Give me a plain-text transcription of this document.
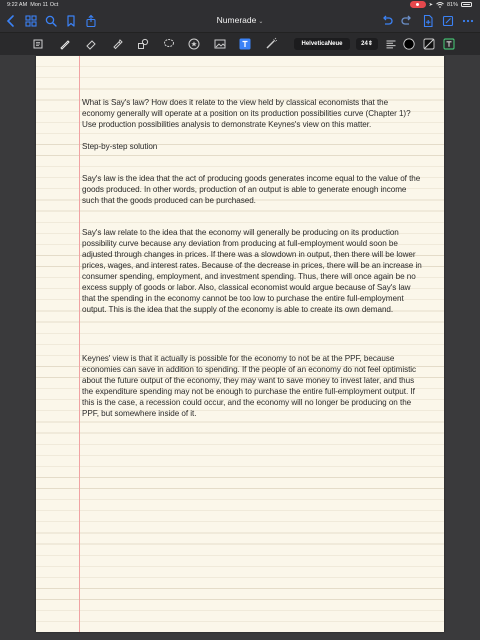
9:22 AM Mon 11 Oct	➤	81%
Numerade ⌄
HelveticaNeue	24⇕
What is Say's law? How does it relate to the view held by classical economists that the economy generally will operate at a position on its production possibilities curve (Chapter 1)? Use production possibilities analysis to demonstrate Keynes's view on this matter.
Step-by-step solution
Say's law is the idea that the act of producing goods generates income equal to the value of the goods produced. In other words, production of an output is able to generate enough income such that the goods produced can be purchased.
Say's law relate to the idea that the economy will generally be producing on its production possibility curve because any deviation from producing at full-employment would soon be adjusted through changes in prices. If there was a slowdown in output, then there will be lower prices, wages, and interest rates. Because of the decrease in prices, there will be an increase in consumer spending, employment, and investment spending. Thus, there will once again be no excess supply of goods or labor. Also, classical economist would argue because of Say's law that the spending in the economy cannot be too low to purchase the entire full-employment output. This is the idea that the supply of the economy is able to create its own demand.
Keynes' view is that it actually is possible for the economy to not be at the PPF, because economies can save in addition to spending. If the people of an economy do not feel optimistic about the future output of the economy, they may want to save money to invest later, and thus the expenditure spending may not be enough to purchase the entire full-employment output. If this is the case, a recession could occur, and the economy will no longer be producing on the PPF, but somewhere inside of it.
